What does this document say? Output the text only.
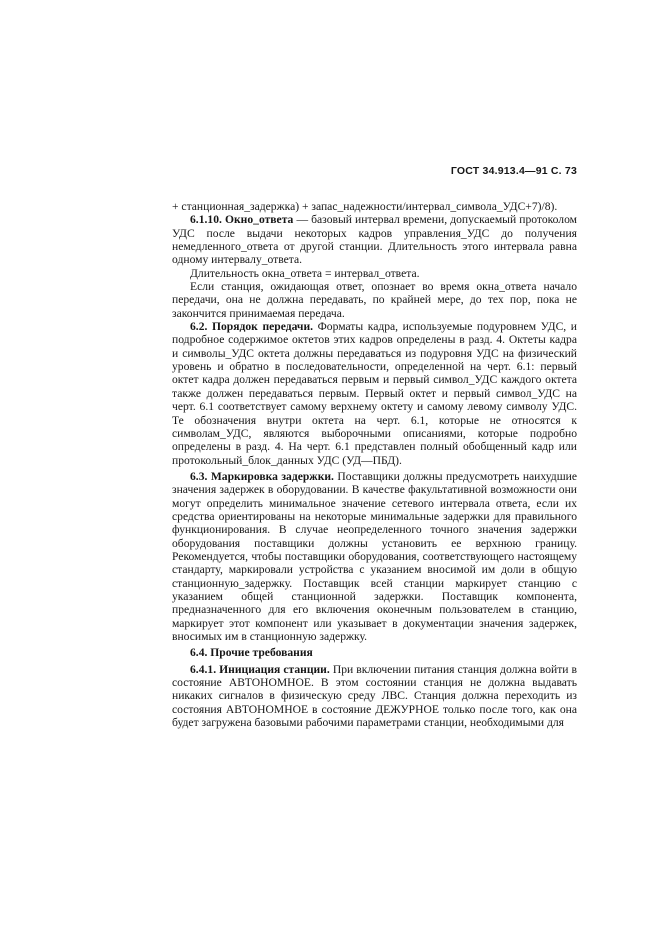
ГОСТ 34.913.4—91 С. 73

+ станционная_задержка) + запас_надежности/интервал_символа_УДС+7)/8).

6.1.10. Окно_ответа — базовый интервал времени, допускаемый протоколом УДС после выдачи некоторых кадров управления_УДС до получения немедленного_ответа от другой станции. Длительность этого интервала равна одному интервалу_ответа.

Длительность окна_ответа = интервал_ответа.

Если станция, ожидающая ответ, опознает во время окна_ответа начало передачи, она не должна передавать, по крайней мере, до тех пор, пока не закончится принимаемая передача.

6.2. Порядок передачи. Форматы кадра, используемые подуровнем УДС, и подробное содержимое октетов этих кадров определены в разд. 4. Октеты кадра и символы_УДС октета должны передаваться из подуровня УДС на физический уровень и обратно в последовательности, определенной на черт. 6.1: первый октет кадра должен передаваться первым и первый символ_УДС каждого октета также должен передаваться первым. Первый октет и первый символ_УДС на черт. 6.1 соответствует самому верхнему октету и самому левому символу УДС. Те обозначения внутри октета на черт. 6.1, которые не относятся к символам_УДС, являются выборочными описаниями, которые подробно определены в разд. 4. На черт. 6.1 представлен полный обобщенный кадр или протокольный_блок_данных УДС (УД—ПБД).

6.3. Маркировка задержки. Поставщики должны предусмотреть наихудшие значения задержек в оборудовании. В качестве факультативной возможности они могут определить минимальное значение сетевого интервала ответа, если их средства ориентированы на некоторые минимальные задержки для правильного функционирования. В случае неопределенного точного значения задержки оборудования поставщики должны установить ее верхнюю границу. Рекомендуется, чтобы поставщики оборудования, соответствующего настоящему стандарту, маркировали устройства с указанием вносимой им доли в общую станционную_задержку. Поставщик всей станции маркирует станцию с указанием общей станционной задержки. Поставщик компонента, предназначенного для его включения оконечным пользователем в станцию, маркирует этот компонент или указывает в документации значения задержек, вносимых им в станционную задержку.

6.4. Прочие требования

6.4.1. Инициация станции. При включении питания станция должна войти в состояние АВТОНОМНОЕ. В этом состоянии станция не должна выдавать никаких сигналов в физическую среду ЛВС. Станция должна переходить из состояния АВТОНОМНОЕ в состояние ДЕЖУРНОЕ только после того, как она будет загружена базовыми рабочими параметрами станции, необходимыми для
